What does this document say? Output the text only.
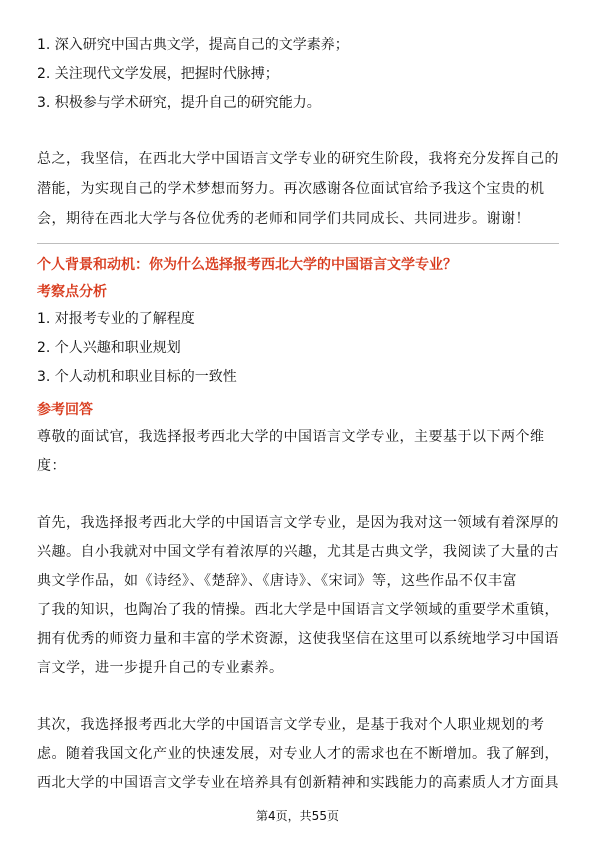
1. 深入研究中国古典文学，提高自己的文学素养；
2. 关注现代文学发展，把握时代脉搏；
3. 积极参与学术研究，提升自己的研究能力。
总之，我坚信，在西北大学中国语言文学专业的研究生阶段，我将充分发挥自己的
潜能，为实现自己的学术梦想而努力。再次感谢各位面试官给予我这个宝贵的机
会，期待在西北大学与各位优秀的老师和同学们共同成长、共同进步。谢谢！
个人背景和动机：你为什么选择报考西北大学的中国语言文学专业？
考察点分析
1. 对报考专业的了解程度
2. 个人兴趣和职业规划
3. 个人动机和职业目标的一致性
参考回答
尊敬的面试官，我选择报考西北大学的中国语言文学专业，主要基于以下两个维
度：
首先，我选择报考西北大学的中国语言文学专业，是因为我对这一领域有着深厚的
兴趣。自小我就对中国文学有着浓厚的兴趣，尤其是古典文学，我阅读了大量的古
典文学作品，如《诗经》、《楚辞》、《唐诗》、《宋词》等，这些作品不仅丰富
了我的知识，也陶冶了我的情操。西北大学是中国语言文学领域的重要学术重镇，
拥有优秀的师资力量和丰富的学术资源，这使我坚信在这里可以系统地学习中国语
言文学，进一步提升自己的专业素养。
其次，我选择报考西北大学的中国语言文学专业，是基于我对个人职业规划的考
虑。随着我国文化产业的快速发展，对专业人才的需求也在不断增加。我了解到，
西北大学的中国语言文学专业在培养具有创新精神和实践能力的高素质人才方面具
第4页，共55页
